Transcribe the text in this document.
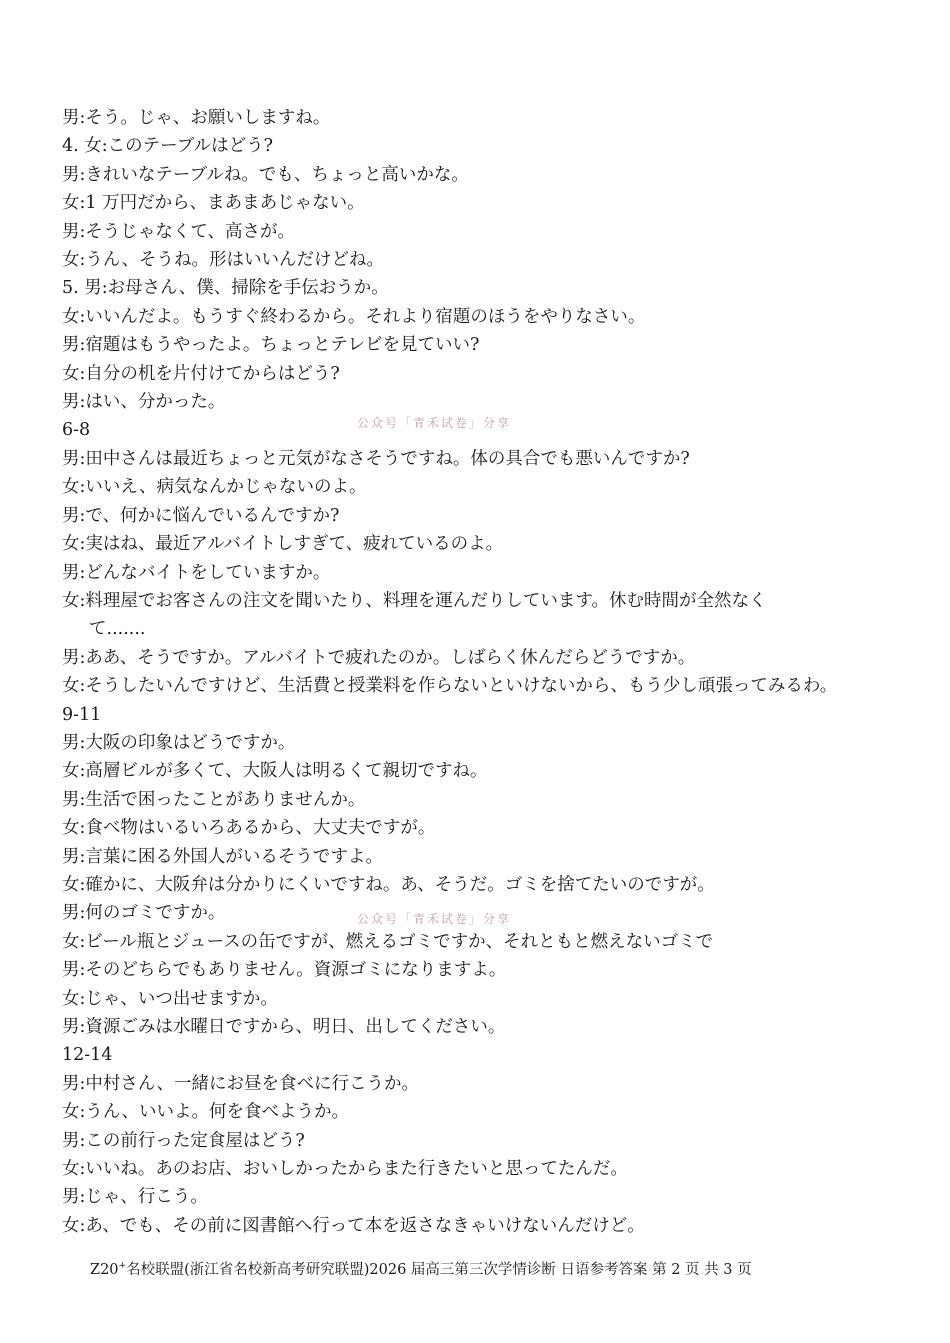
男:そう。じゃ、お願いしますね。
4. 女:このテーブルはどう?
男:きれいなテーブルね。でも、ちょっと高いかな。
女:1 万円だから、まあまあじゃない。
男:そうじゃなくて、高さが。
女:うん、そうね。形はいいんだけどね。
5. 男:お母さん、僕、掃除を手伝おうか。
女:いいんだよ。もうすぐ終わるから。それより宿題のほうをやりなさい。
男:宿題はもうやったよ。ちょっとテレビを見ていい?
女:自分の机を片付けてからはどう?
男:はい、分かった。
6-8
男:田中さんは最近ちょっと元気がなさそうですね。体の具合でも悪いんですか?
女:いいえ、病気なんかじゃないのよ。
男:で、何かに悩んでいるんですか?
女:実はね、最近アルバイトしすぎて、疲れているのよ。
男:どんなバイトをしていますか。
女:料理屋でお客さんの注文を聞いたり、料理を運んだりしています。休む時間が全然なく
て.......
男:ああ、そうですか。アルバイトで疲れたのか。しばらく休んだらどうですか。
女:そうしたいんですけど、生活費と授業料を作らないといけないから、もう少し頑張ってみるわ。
9-11
男:大阪の印象はどうですか。
女:高層ビルが多くて、大阪人は明るくて親切ですね。
男:生活で困ったことがありませんか。
女:食べ物はいるいろあるから、大丈夫ですが。
男:言葉に困る外国人がいるそうですよ。
女:確かに、大阪弁は分かりにくいですね。あ、そうだ。ゴミを捨てたいのですが。
男:何のゴミですか。
女:ビール瓶とジュースの缶ですが、燃えるゴミですか、それともと燃えないゴミで
男:そのどちらでもありません。資源ゴミになりますよ。
女:じゃ、いつ出せますか。
男:資源ごみは水曜日ですから、明日、出してください。
12-14
男:中村さん、一緒にお昼を食べに行こうか。
女:うん、いいよ。何を食べようか。
男:この前行った定食屋はどう?
女:いいね。あのお店、おいしかったからまた行きたいと思ってたんだ。
男:じゃ、行こう。
女:あ、でも、その前に図書館へ行って本を返さなきゃいけないんだけど。
公众号「青禾试卷」分享
公众号「青禾试卷」分享
Z20+名校联盟(浙江省名校新高考研究联盟)2026 届高三第三次学情诊断 日语参考答案 第 2 页 共 3 页
